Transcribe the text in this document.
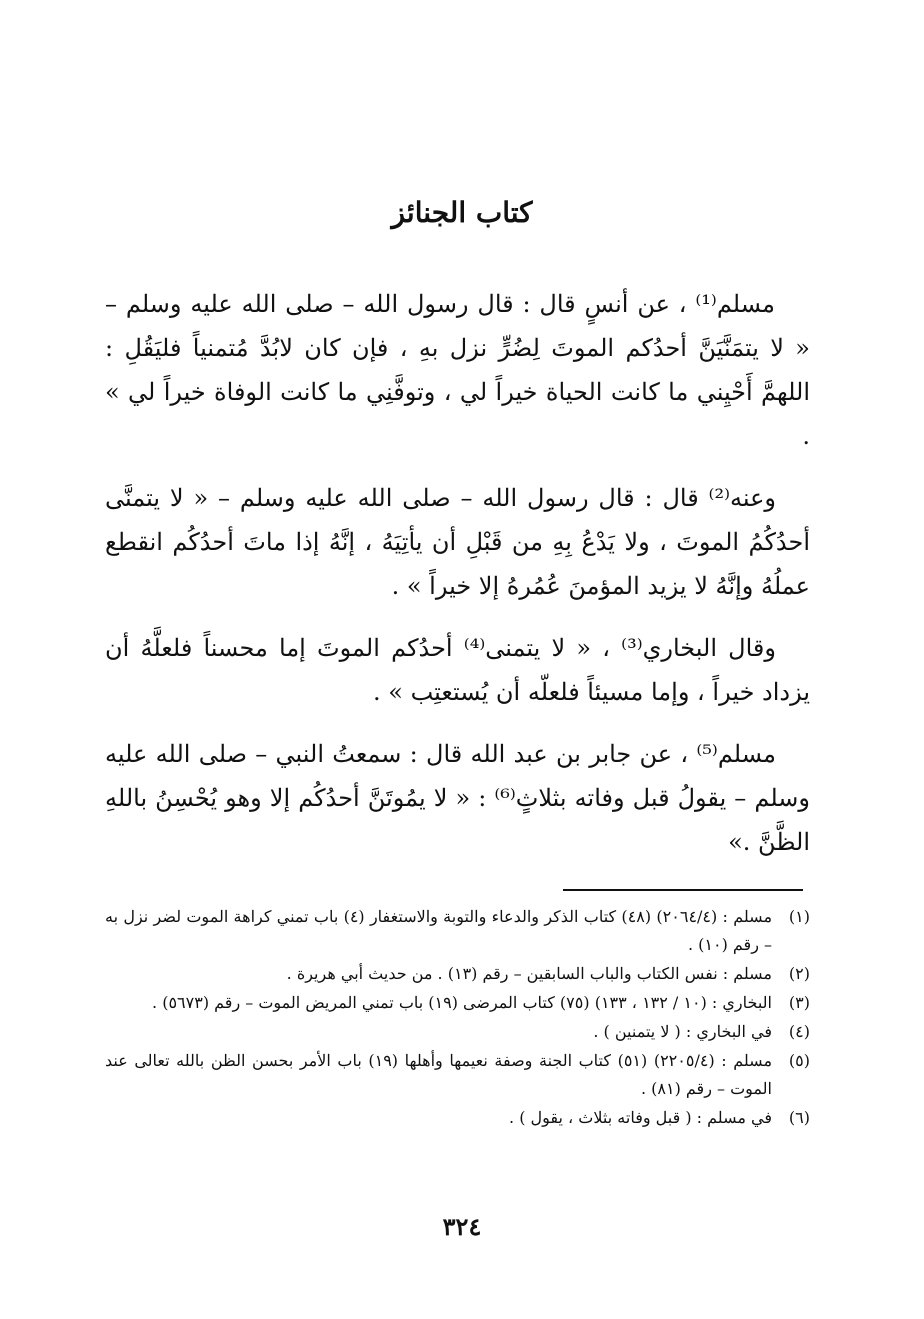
كتاب الجنائز

مسلم⁽¹⁾ ، عن أنسٍ قال : قال رسول الله – صلى الله عليه وسلم – « لا يتمَنَّيَنَّ أحدُكم الموتَ لِضُرٍّ نزل بهِ ، فإن كان لابُدَّ مُتمنياً فليَقُلِ : اللهمَّ أَحْيِني ما كانت الحياة خيراً لي ، وتوفَّنِي ما كانت الوفاة خيراً لي » .

وعنه⁽²⁾ قال : قال رسول الله – صلى الله عليه وسلم – « لا يتمنَّى أحدُكُمُ الموتَ ، ولا يَدْعُ بِهِ من قَبْلِ أن يأتِيَهُ ، إنَّهُ إذا ماتَ أحدُكُم انقطع عملُهُ وإنَّهُ لا يزيد المؤمنَ عُمُرهُ إلا خيراً » .

وقال البخاري⁽³⁾ ، « لا يتمنى⁽⁴⁾ أحدُكم الموتَ إما محسناً فلعلَّهُ أن يزداد خيراً ، وإما مسيئاً فلعلّه أن يُستعتِب » .

مسلم⁽⁵⁾ ، عن جابر بن عبد الله قال : سمعتُ النبي – صلى الله عليه وسلم – يقولُ قبل وفاته بثلاثٍ⁽⁶⁾ : « لا يمُوتَنَّ أحدُكُم إلا وهو يُحْسِنُ باللهِ الظَّنَّ .»

(١)
مسلم : (٢٠٦٤/٤) (٤٨) كتاب الذكر والدعاء والتوبة والاستغفار (٤) باب تمني كراهة الموت لضر نزل به – رقم (١٠) .
(٢)
مسلم : نفس الكتاب والباب السابقين – رقم (١٣) . من حديث أبي هريرة .
(٣)
البخاري : (١٠ / ١٣٢ ، ١٣٣) (٧٥) كتاب المرضى (١٩) باب تمني المريض الموت – رقم (٥٦٧٣) .
(٤)
في البخاري : ( لا يتمنين ) .
(٥)
مسلم : (٢٢٠٥/٤) (٥١) كتاب الجنة وصفة نعيمها وأهلها (١٩) باب الأمر بحسن الظن بالله تعالى عند الموت – رقم (٨١) .
(٦)
في مسلم : ( قبل وفاته بثلاث ، يقول ) .
٣٢٤
